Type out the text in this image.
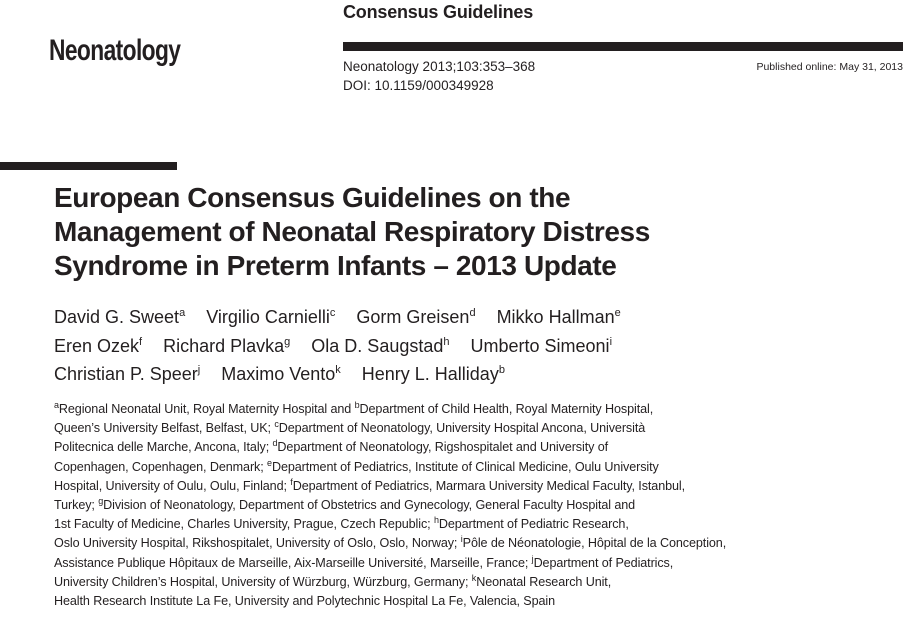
Neonatology
Consensus Guidelines
Neonatology 2013;103:353–368
DOI: 10.1159/000349928
Published online: May 31, 2013
European Consensus Guidelines on the
Management of Neonatal Respiratory Distress
Syndrome in Preterm Infants – 2013 Update
David G. Sweet$^a$ Virgilio Carnielli$^c$ Gorm Greisen$^d$ Mikko Hallman$^e$
Eren Ozek$^f$ Richard Plavka$^g$ Ola D. Saugstad$^h$ Umberto Simeoni$^i$
Christian P. Speer$^j$ Maximo Vento$^k$ Henry L. Halliday$^b$
$^a$Regional Neonatal Unit, Royal Maternity Hospital and $^b$Department of Child Health, Royal Maternity Hospital,
Queen’s University Belfast, Belfast, UK; $^c$Department of Neonatology, University Hospital Ancona, Università
Politecnica delle Marche, Ancona, Italy; $^d$Department of Neonatology, Rigshospitalet and University of
Copenhagen, Copenhagen, Denmark; $^e$Department of Pediatrics, Institute of Clinical Medicine, Oulu University
Hospital, University of Oulu, Oulu, Finland; $^f$Department of Pediatrics, Marmara University Medical Faculty, Istanbul,
Turkey; $^g$Division of Neonatology, Department of Obstetrics and Gynecology, General Faculty Hospital and
1st Faculty of Medicine, Charles University, Prague, Czech Republic; $^h$Department of Pediatric Research,
Oslo University Hospital, Rikshospitalet, University of Oslo, Oslo, Norway; $^i$Pôle de Néonatologie, Hôpital de la Conception,
Assistance Publique Hôpitaux de Marseille, Aix-Marseille Université, Marseille, France; $^j$Department of Pediatrics,
University Children’s Hospital, University of Würzburg, Würzburg, Germany; $^k$Neonatal Research Unit,
Health Research Institute La Fe, University and Polytechnic Hospital La Fe, Valencia, Spain
